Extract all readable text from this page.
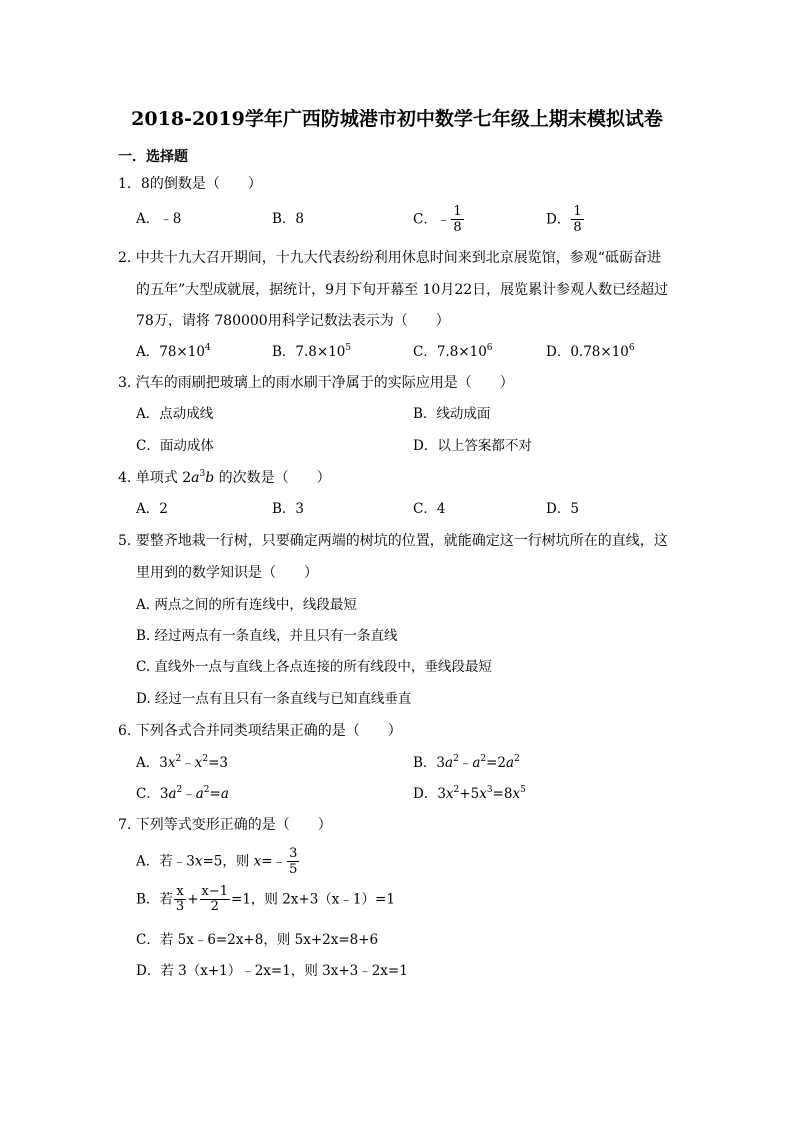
2018-2019学年广西防城港市初中数学七年级上期末模拟试卷
一．选择题
1．8的倒数是（　　）
A．﹣8	B．8	C．﹣ $\frac{1}{8}$	D． $\frac{1}{8}$
2. 中共十九大召开期间，十九大代表纷纷利用休息时间来到北京展览馆，参观“砥砺奋进
的五年”大型成就展，据统计，9月下旬开幕至 10月22日，展览累计参观人数已经超过
78万，请将 780000用科学记数法表示为（　　）
A．$78\times 10^4$	B．$7.8\times 10^5$	C．$7.8\times 10^6$	D．$0.78\times 10^6$
3. 汽车的雨刷把玻璃上的雨水刷干净属于的实际应用是（　　）
A．点动成线	B．线动成面
C．面动成体	D．以上答案都不对
4. 单项式 $2a^3b$ 的次数是（　　）
A．2	B．3	C．4	D．5
5. 要整齐地栽一行树，只要确定两端的树坑的位置，就能确定这一行树坑所在的直线，这
里用到的数学知识是（　　）
A. 两点之间的所有连线中，线段最短
B. 经过两点有一条直线，并且只有一条直线
C. 直线外一点与直线上各点连接的所有线段中，垂线段最短
D. 经过一点有且只有一条直线与已知直线垂直
6. 下列各式合并同类项结果正确的是（　　）
A．$3x^2﹣x^2=3$	B．$3a^2﹣a^2=2a^2$
C．$3a^2﹣a^2=a$	D．$3x^2+5x^3=8x^5$
7. 下列等式变形正确的是（　　）
A．若﹣3x=5，则 x=﹣ $\frac{3}{5}$
B．若 $\frac{x}{3} + \frac{x-1}{2} =1$，则 2x+3（x﹣1）=1
C．若 5x﹣6=2x+8，则 5x+2x=8+6
D．若 3（x+1）﹣2x=1，则 3x+3﹣2x=1
